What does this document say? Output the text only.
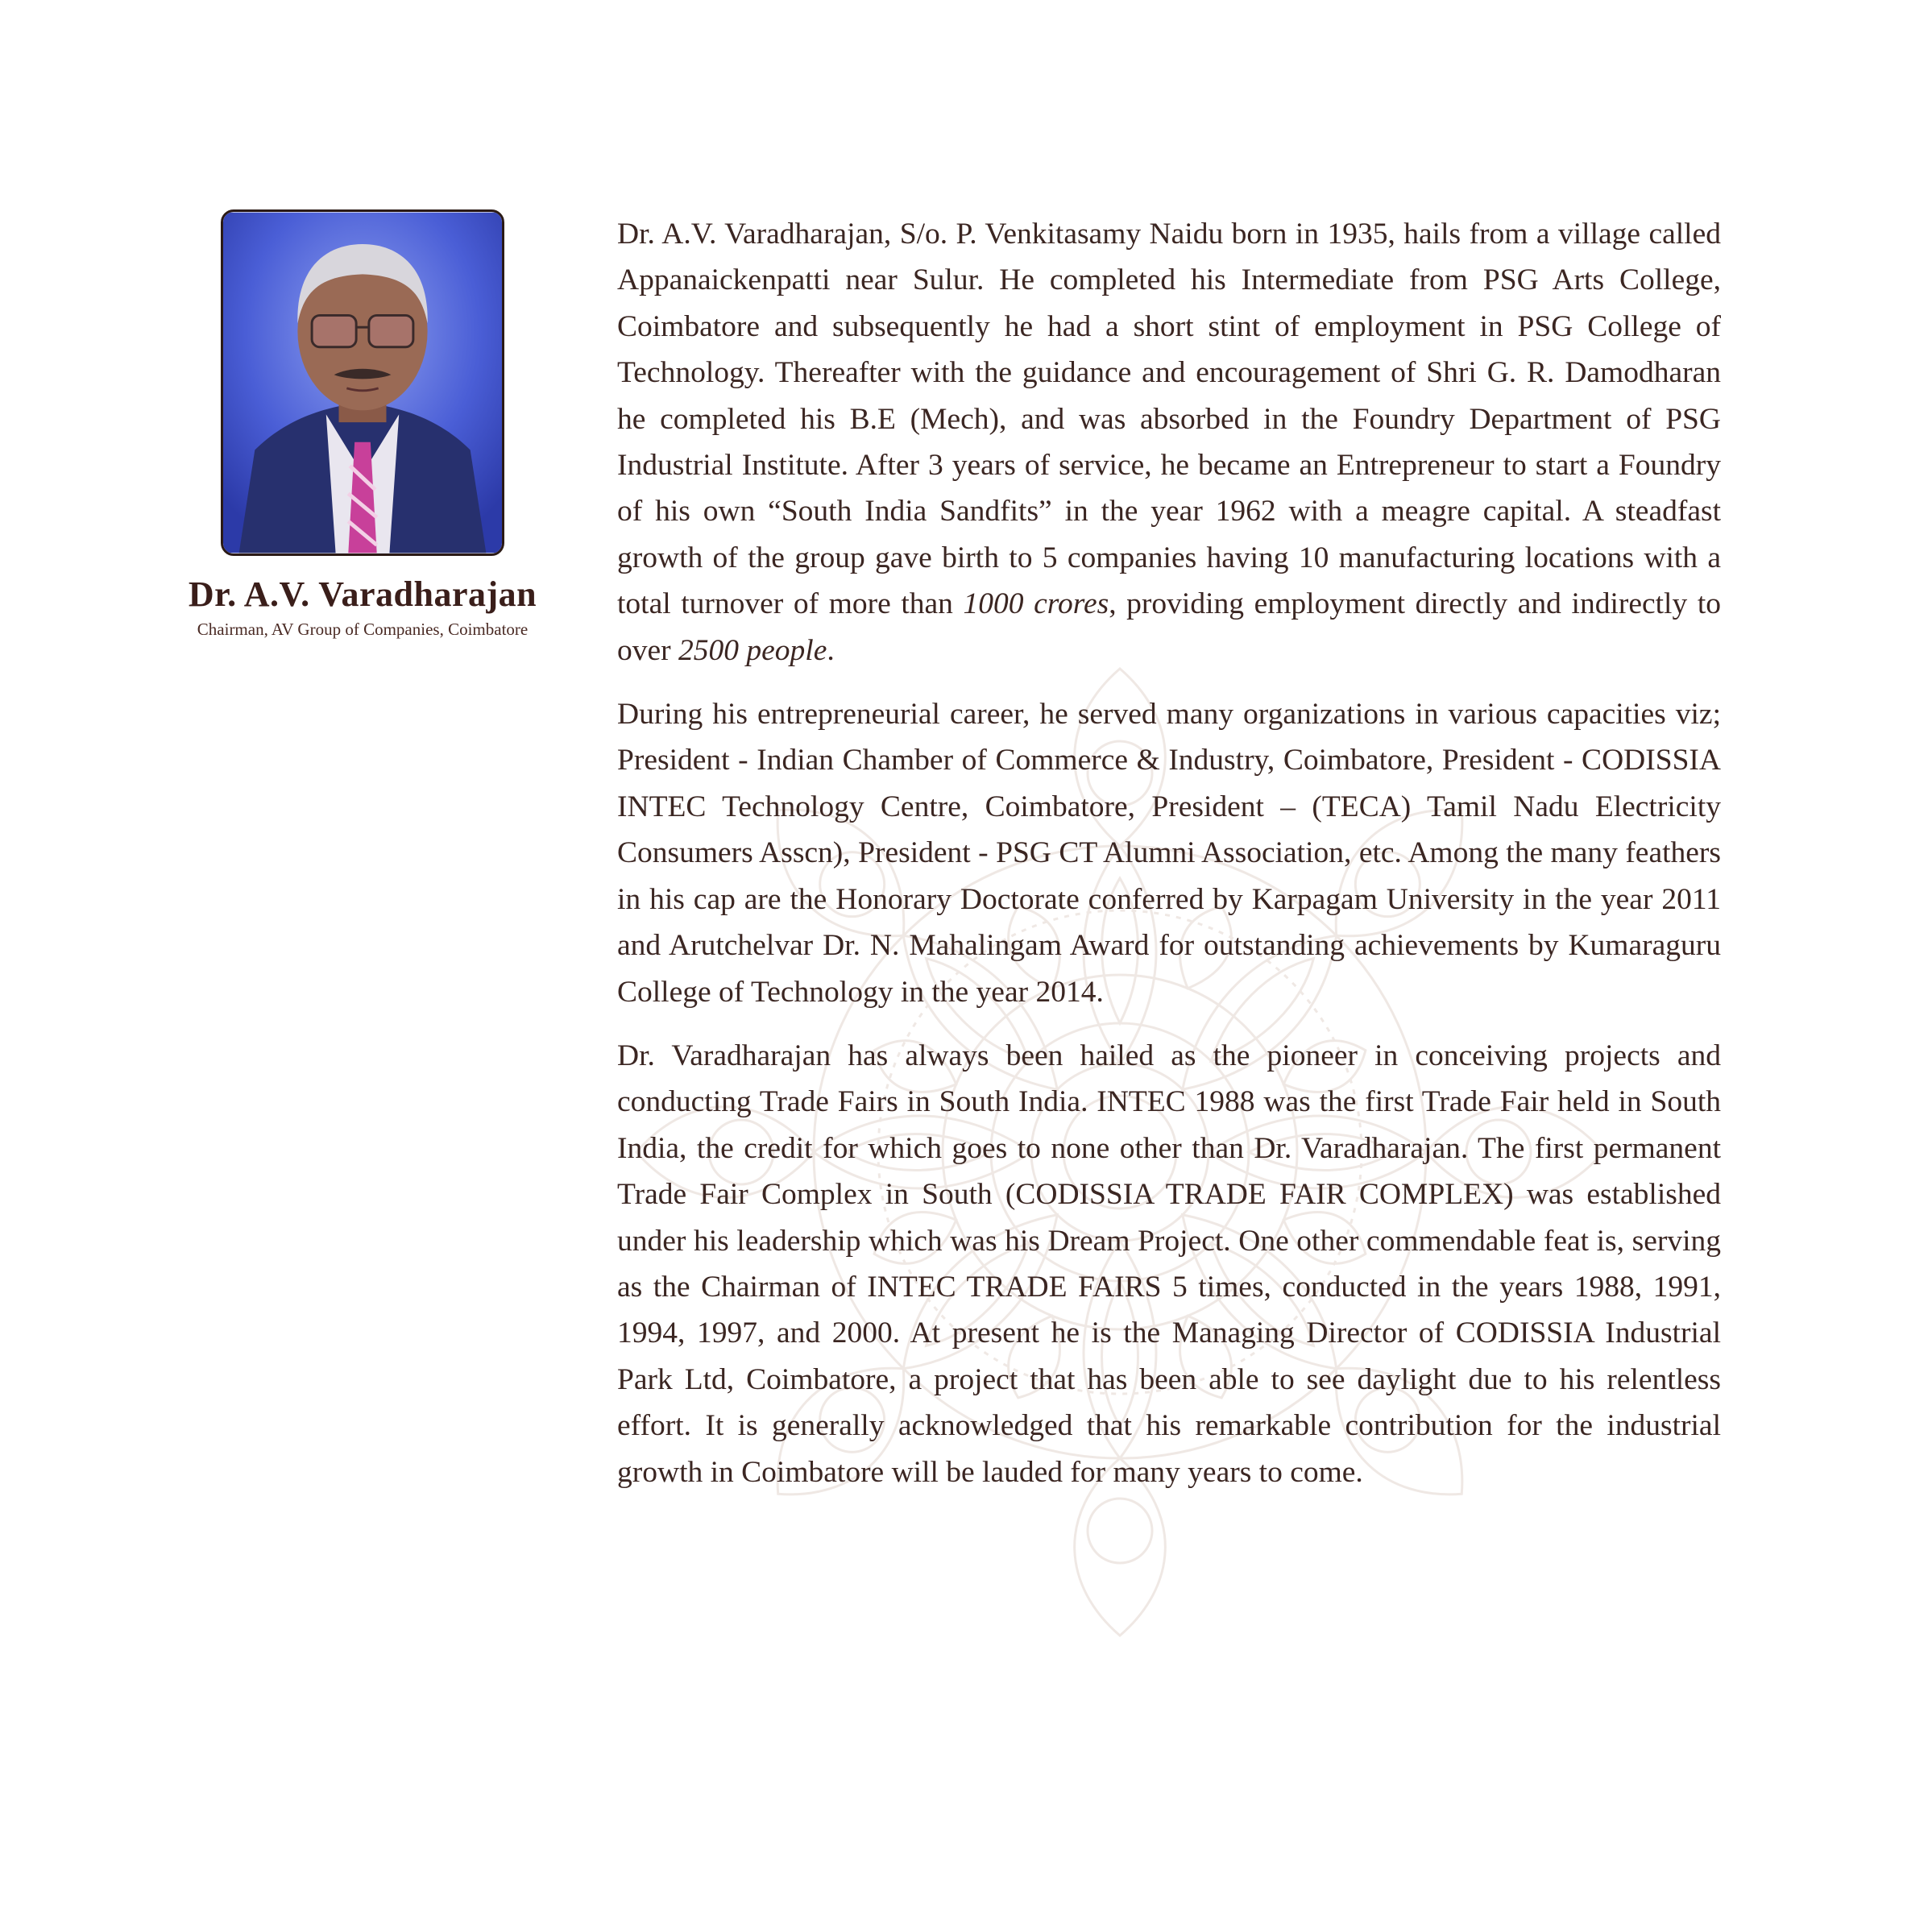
Dr. A.V. Varadharajan
Chairman, AV Group of Companies, Coimbatore

Dr. A.V. Varadharajan, S/o. P. Venkitasamy Naidu born in 1935, hails from a village called Appanaickenpatti near Sulur. He completed his Intermediate from PSG Arts College, Coimbatore and subsequently he had a short stint of employment in PSG College of Technology. Thereafter with the guidance and encouragement of Shri G. R. Damodharan he completed his B.E (Mech), and was absorbed in the Foundry Department of PSG Industrial Institute. After 3 years of service, he became an Entrepreneur to start a Foundry of his own “South India Sandfits” in the year 1962 with a meagre capital. A steadfast growth of the group gave birth to 5 companies having 10 manufacturing locations with a total turnover of more than 1000 crores, providing employment directly and indirectly to over 2500 people.

During his entrepreneurial career, he served many organizations in various capacities viz; President - Indian Chamber of Commerce & Industry, Coimbatore, President - CODISSIA INTEC Technology Centre, Coimbatore, President – (TECA) Tamil Nadu Electricity Consumers Asscn), President - PSG CT Alumni Association, etc. Among the many feathers in his cap are the Honorary Doctorate conferred by Karpagam University in the year 2011 and Arutchelvar Dr. N. Mahalingam Award for outstanding achievements by Kumaraguru College of Technology in the year 2014.

Dr. Varadharajan has always been hailed as the pioneer in conceiving projects and conducting Trade Fairs in South India. INTEC 1988 was the first Trade Fair held in South India, the credit for which goes to none other than Dr. Varadharajan. The first permanent Trade Fair Complex in South (CODISSIA TRADE FAIR COMPLEX) was established under his leadership which was his Dream Project. One other commendable feat is, serving as the Chairman of INTEC TRADE FAIRS 5 times, conducted in the years 1988, 1991, 1994, 1997, and 2000. At present he is the Managing Director of CODISSIA Industrial Park Ltd, Coimbatore, a project that has been able to see daylight due to his relentless effort. It is generally acknowledged that his remarkable contribution for the industrial growth in Coimbatore will be lauded for many years to come.
